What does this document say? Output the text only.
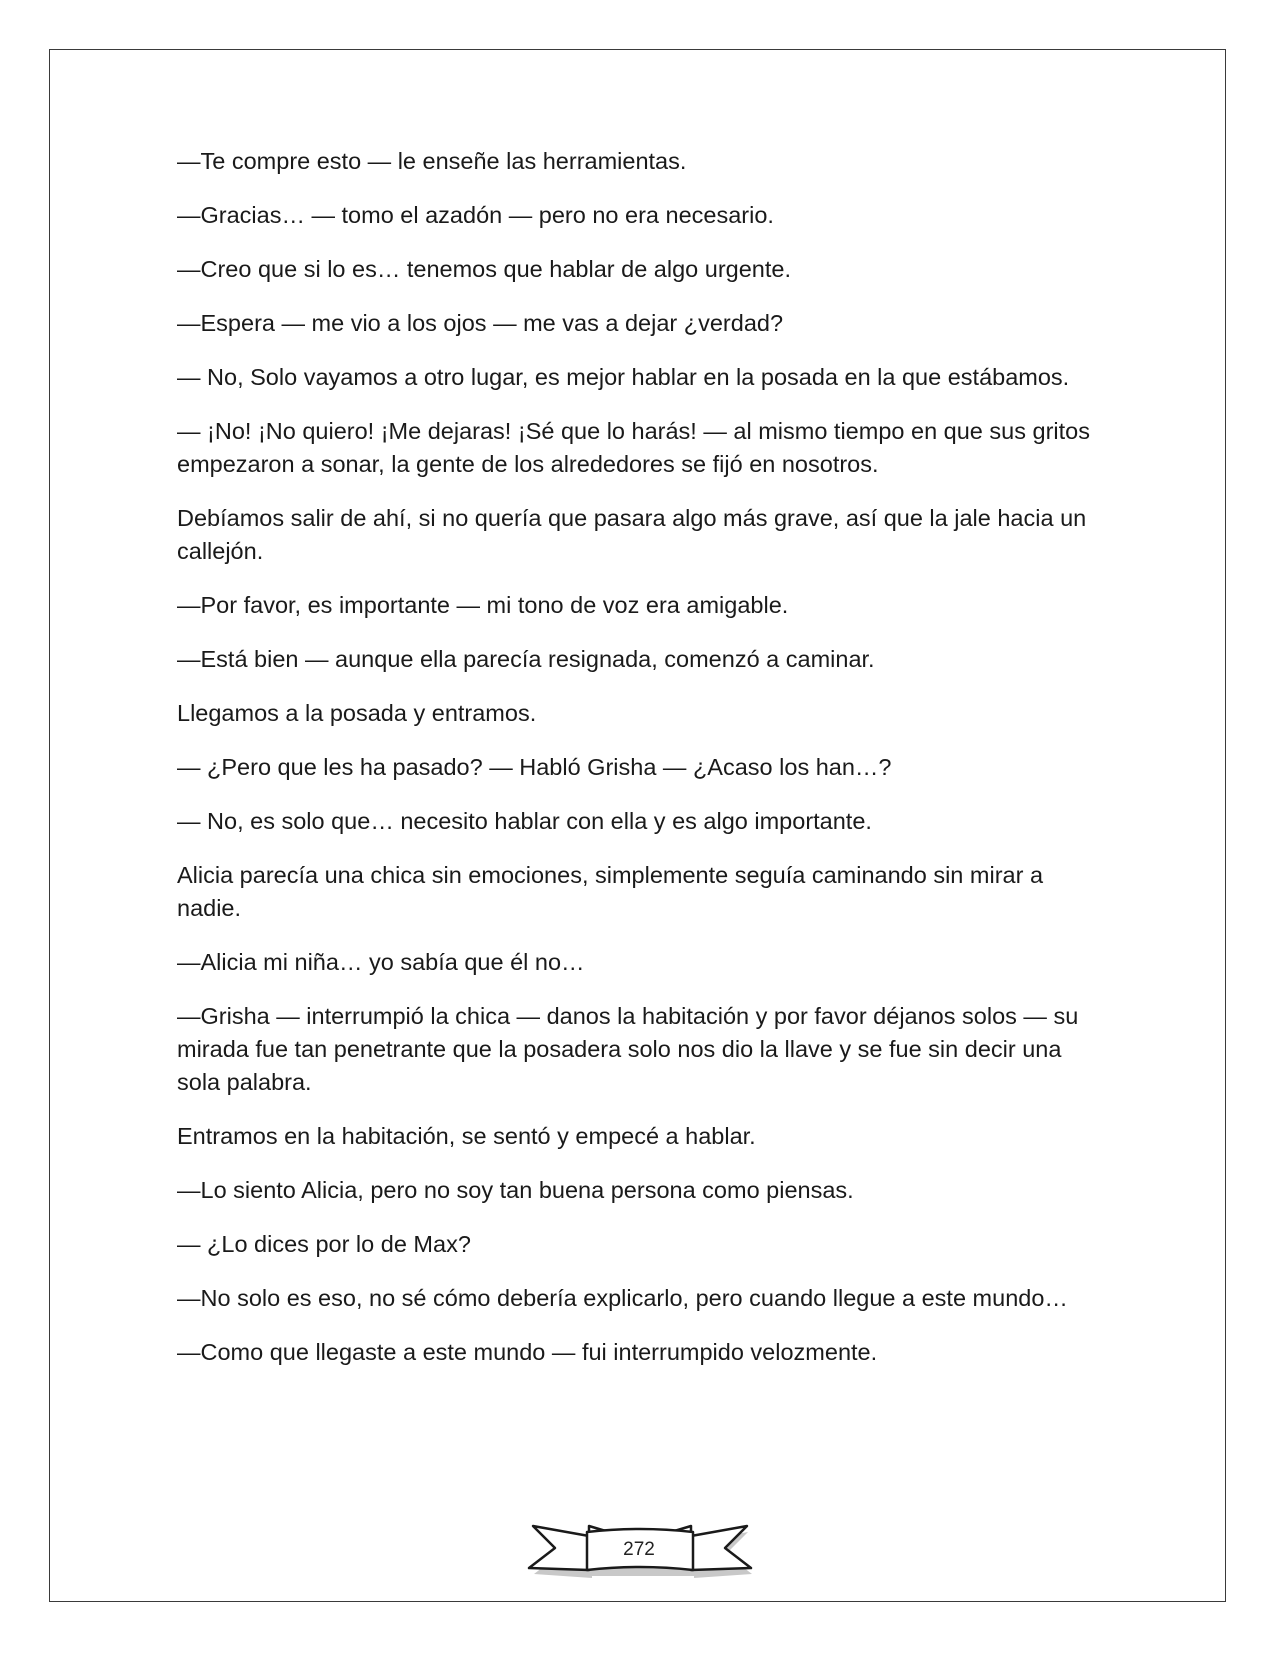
—Te compre esto — le enseñe las herramientas.

—Gracias… — tomo el azadón — pero no era necesario.

—Creo que si lo es… tenemos que hablar de algo urgente.

—Espera — me vio a los ojos — me vas a dejar ¿verdad?

— No, Solo vayamos a otro lugar, es mejor hablar en la posada en la que estábamos.

— ¡No! ¡No quiero! ¡Me dejaras! ¡Sé que lo harás! — al mismo tiempo en que sus gritos empezaron a sonar, la gente de los alrededores se fijó en nosotros.

Debíamos salir de ahí, si no quería que pasara algo más grave, así que la jale hacia un callejón.

—Por favor, es importante — mi tono de voz era amigable.

—Está bien — aunque ella parecía resignada, comenzó a caminar.

Llegamos a la posada y entramos.

— ¿Pero que les ha pasado? — Habló Grisha — ¿Acaso los han…?

— No, es solo que… necesito hablar con ella y es algo importante.

Alicia parecía una chica sin emociones, simplemente seguía caminando sin mirar a nadie.

—Alicia mi niña… yo sabía que él no…

—Grisha — interrumpió la chica — danos la habitación y por favor déjanos solos — su mirada fue tan penetrante que la posadera solo nos dio la llave y se fue sin decir una sola palabra.

Entramos en la habitación, se sentó y empecé a hablar.

—Lo siento Alicia, pero no soy tan buena persona como piensas.

— ¿Lo dices por lo de Max?

—No solo es eso, no sé cómo debería explicarlo, pero cuando llegue a este mundo…

—Como que llegaste a este mundo — fui interrumpido velozmente.

272
